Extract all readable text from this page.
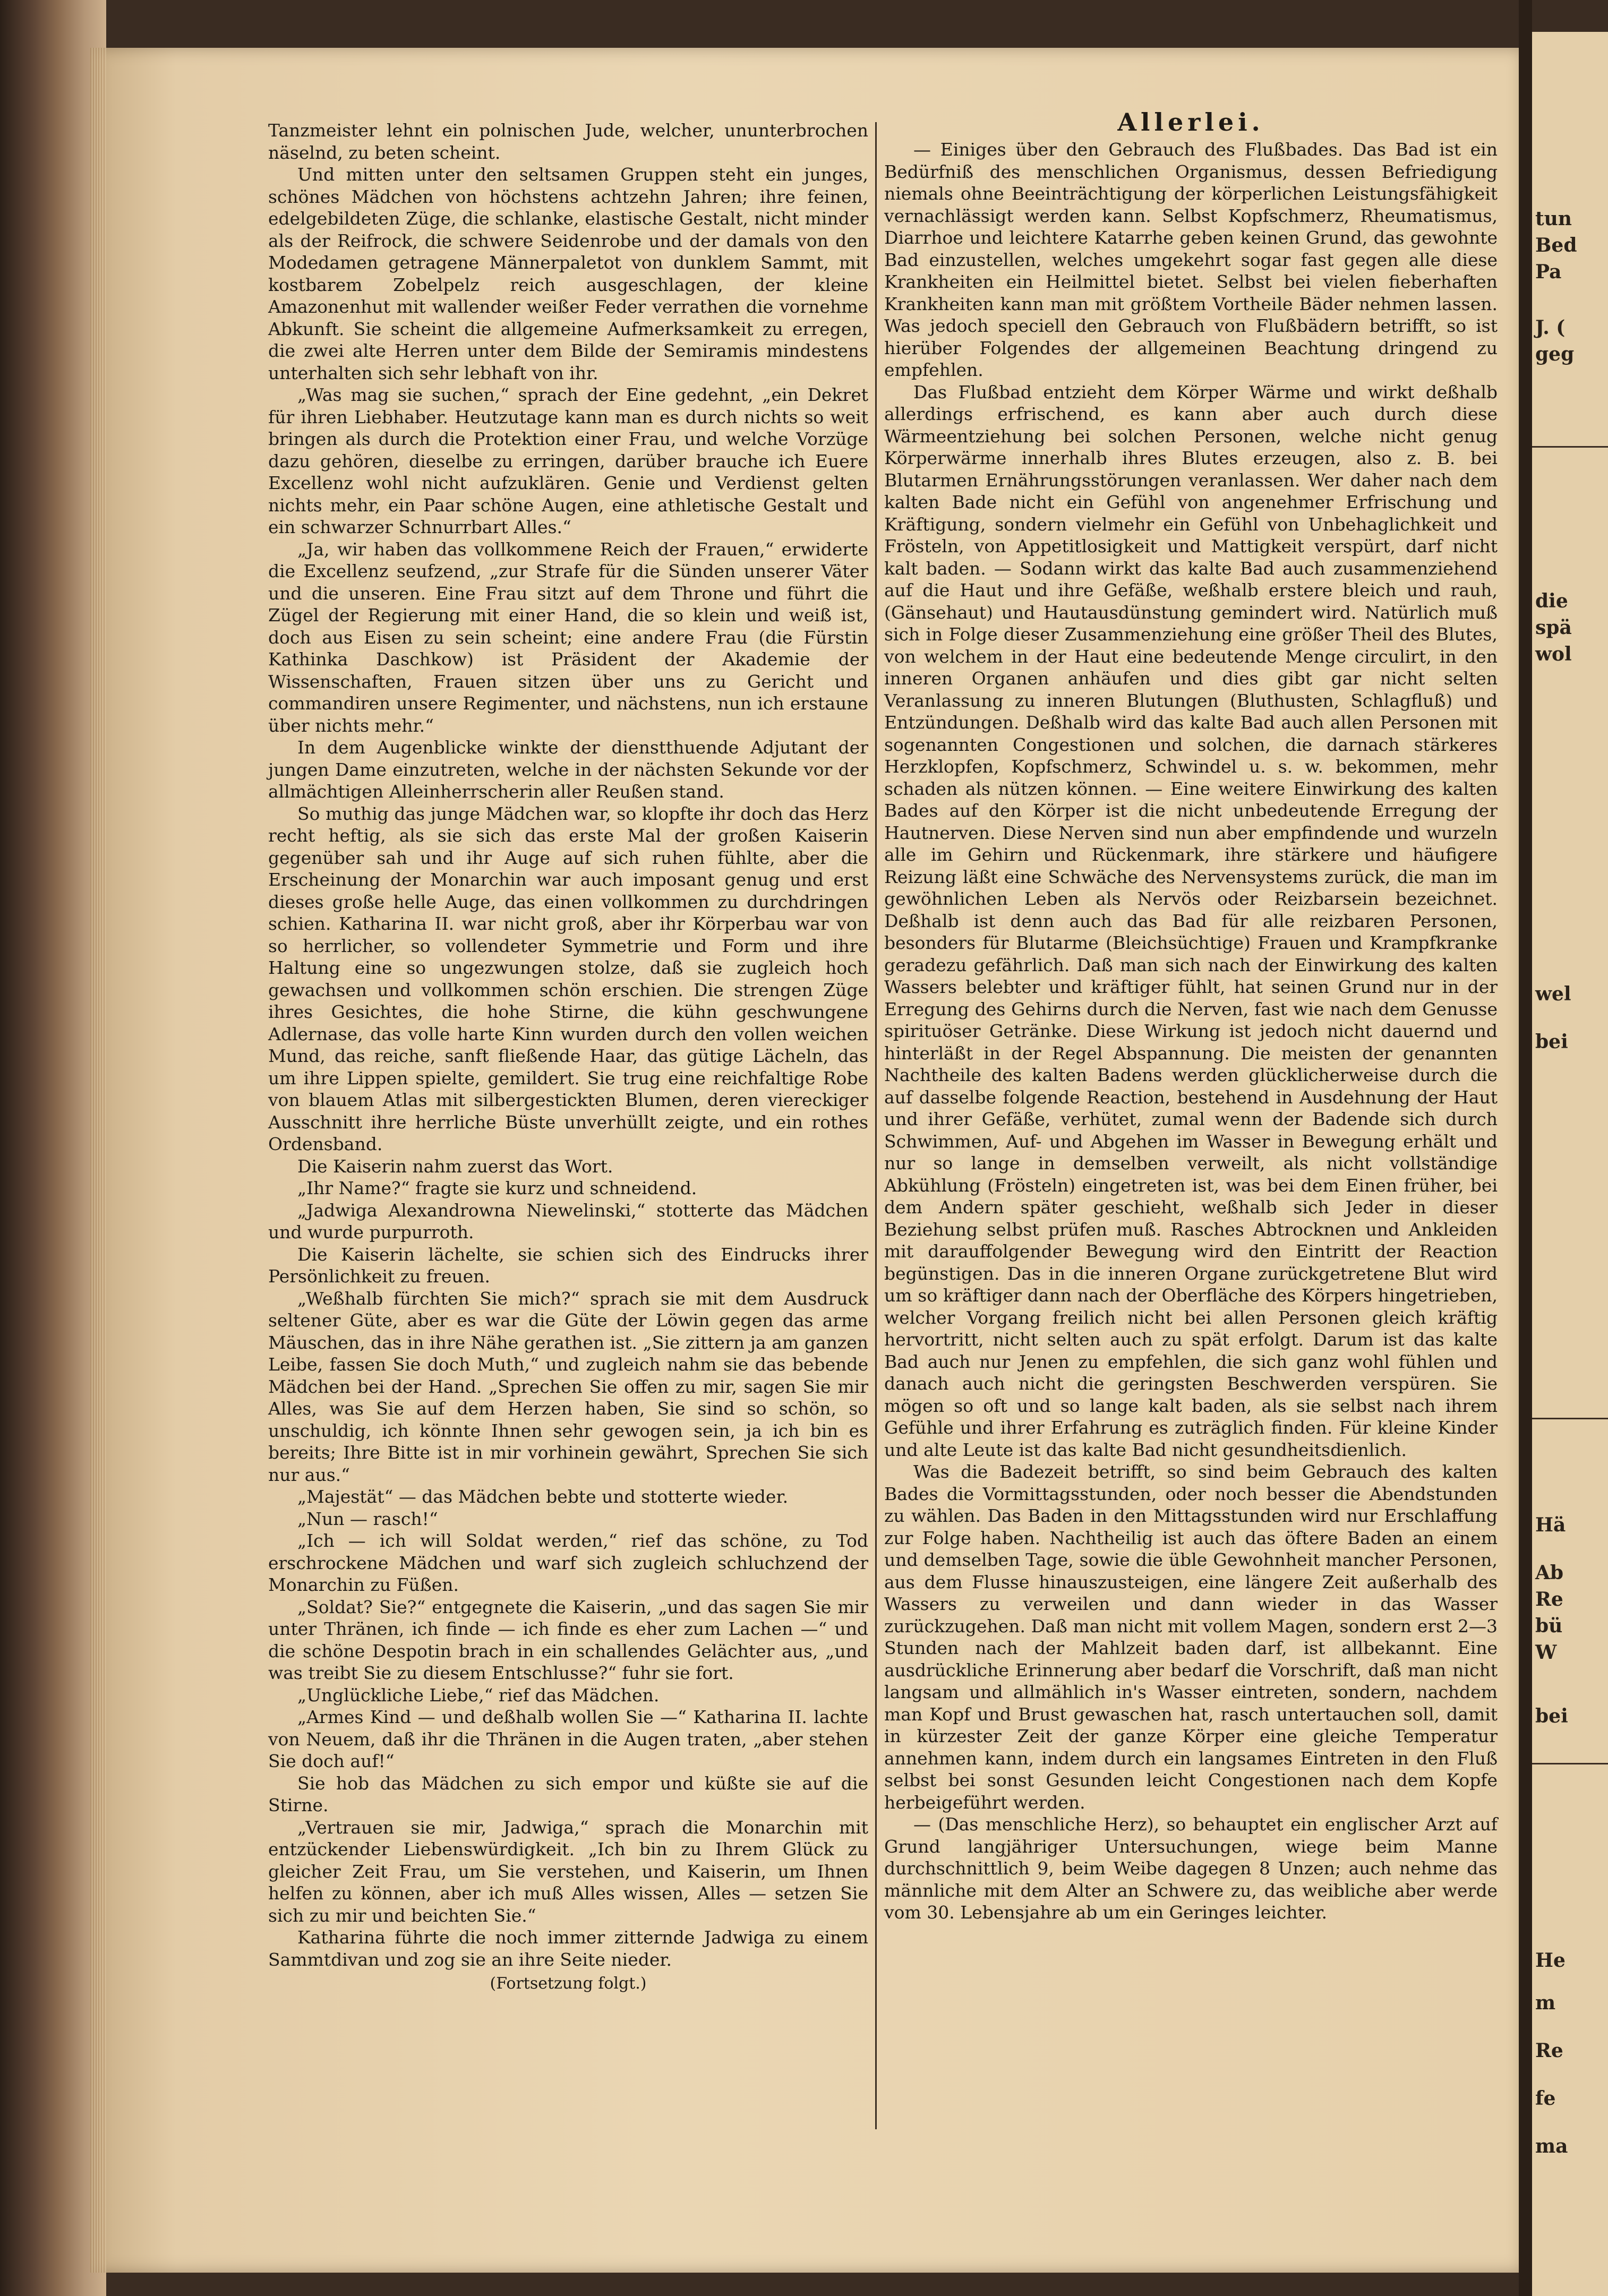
tun
Bed
Pa
J. (
geg
die
spä
wol
wel
bei
Hä
Ab
Re
bü
W
bei
He
m
Re
fe
ma

Tanzmeister lehnt ein polnischen Jude, welcher, ununterbrochen näselnd, zu beten scheint.

Und mitten unter den seltsamen Gruppen steht ein junges, schönes Mädchen von höchstens achtzehn Jahren; ihre feinen, edelgebildeten Züge, die schlanke, elastische Gestalt, nicht minder als der Reifrock, die schwere Seidenrobe und der damals von den Modedamen getragene Männerpaletot von dunklem Sammt, mit kostbarem Zobelpelz reich ausgeschlagen, der kleine Amazonenhut mit wallender weißer Feder verrathen die vornehme Abkunft. Sie scheint die allgemeine Aufmerksamkeit zu erregen, die zwei alte Herren unter dem Bilde der Semiramis mindestens unterhalten sich sehr lebhaft von ihr.

„Was mag sie suchen,“ sprach der Eine gedehnt, „ein Dekret für ihren Liebhaber. Heutzutage kann man es durch nichts so weit bringen als durch die Protektion einer Frau, und welche Vorzüge dazu gehören, dieselbe zu erringen, darüber brauche ich Euere Excellenz wohl nicht aufzuklären. Genie und Verdienst gelten nichts mehr, ein Paar schöne Augen, eine athletische Gestalt und ein schwarzer Schnurrbart Alles.“

„Ja, wir haben das vollkommene Reich der Frauen,“ erwiderte die Excellenz seufzend, „zur Strafe für die Sünden unserer Väter und die unseren. Eine Frau sitzt auf dem Throne und führt die Zügel der Regierung mit einer Hand, die so klein und weiß ist, doch aus Eisen zu sein scheint; eine andere Frau (die Fürstin Kathinka Daschkow) ist Präsident der Akademie der Wissenschaften, Frauen sitzen über uns zu Gericht und commandiren unsere Regimenter, und nächstens, nun ich erstaune über nichts mehr.“

In dem Augenblicke winkte der dienstthuende Adjutant der jungen Dame einzutreten, welche in der nächsten Sekunde vor der allmächtigen Alleinherrscherin aller Reußen stand.

So muthig das junge Mädchen war, so klopfte ihr doch das Herz recht heftig, als sie sich das erste Mal der großen Kaiserin gegenüber sah und ihr Auge auf sich ruhen fühlte, aber die Erscheinung der Monarchin war auch imposant genug und erst dieses große helle Auge, das einen vollkommen zu durchdringen schien. Katharina II. war nicht groß, aber ihr Körperbau war von so herrlicher, so vollendeter Symmetrie und Form und ihre Haltung eine so ungezwungen stolze, daß sie zugleich hoch gewachsen und vollkommen schön erschien. Die strengen Züge ihres Gesichtes, die hohe Stirne, die kühn geschwungene Adlernase, das volle harte Kinn wurden durch den vollen weichen Mund, das reiche, sanft fließende Haar, das gütige Lächeln, das um ihre Lippen spielte, gemildert. Sie trug eine reichfaltige Robe von blauem Atlas mit silbergestickten Blumen, deren viereckiger Ausschnitt ihre herrliche Büste unverhüllt zeigte, und ein rothes Ordensband.

Die Kaiserin nahm zuerst das Wort.

„Ihr Name?“ fragte sie kurz und schneidend.

„Jadwiga Alexandrowna Niewelinski,“ stotterte das Mädchen und wurde purpurroth.

Die Kaiserin lächelte, sie schien sich des Eindrucks ihrer Persönlichkeit zu freuen.

„Weßhalb fürchten Sie mich?“ sprach sie mit dem Ausdruck seltener Güte, aber es war die Güte der Löwin gegen das arme Mäuschen, das in ihre Nähe gerathen ist. „Sie zittern ja am ganzen Leibe, fassen Sie doch Muth,“ und zugleich nahm sie das bebende Mädchen bei der Hand. „Sprechen Sie offen zu mir, sagen Sie mir Alles, was Sie auf dem Herzen haben, Sie sind so schön, so unschuldig, ich könnte Ihnen sehr gewogen sein, ja ich bin es bereits; Ihre Bitte ist in mir vorhinein gewährt, Sprechen Sie sich nur aus.“

„Majestät“ — das Mädchen bebte und stotterte wieder.

„Nun — rasch!“

„Ich — ich will Soldat werden,“ rief das schöne, zu Tod erschrockene Mädchen und warf sich zugleich schluchzend der Monarchin zu Füßen.

„Soldat? Sie?“ entgegnete die Kaiserin, „und das sagen Sie mir unter Thränen, ich finde — ich finde es eher zum Lachen —“ und die schöne Despotin brach in ein schallendes Gelächter aus, „und was treibt Sie zu diesem Entschlusse?“ fuhr sie fort.

„Unglückliche Liebe,“ rief das Mädchen.

„Armes Kind — und deßhalb wollen Sie —“ Katharina II. lachte von Neuem, daß ihr die Thränen in die Augen traten, „aber stehen Sie doch auf!“

Sie hob das Mädchen zu sich empor und küßte sie auf die Stirne.

„Vertrauen sie mir, Jadwiga,“ sprach die Monarchin mit entzückender Liebenswürdigkeit. „Ich bin zu Ihrem Glück zu gleicher Zeit Frau, um Sie verstehen, und Kaiserin, um Ihnen helfen zu können, aber ich muß Alles wissen, Alles — setzen Sie sich zu mir und beichten Sie.“

Katharina führte die noch immer zitternde Jadwiga zu einem Sammtdivan und zog sie an ihre Seite nieder.

(Fortsetzung folgt.)
Allerlei.

— Einiges über den Gebrauch des Flußbades. Das Bad ist ein Bedürfniß des menschlichen Organismus, dessen Befriedigung niemals ohne Beeinträchtigung der körperlichen Leistungsfähigkeit vernachlässigt werden kann. Selbst Kopfschmerz, Rheumatismus, Diarrhoe und leichtere Katarrhe geben keinen Grund, das gewohnte Bad einzustellen, welches umgekehrt sogar fast gegen alle diese Krankheiten ein Heilmittel bietet. Selbst bei vielen fieberhaften Krankheiten kann man mit größtem Vortheile Bäder nehmen lassen. Was jedoch speciell den Gebrauch von Flußbädern betrifft, so ist hierüber Folgendes der allgemeinen Beachtung dringend zu empfehlen.

Das Flußbad entzieht dem Körper Wärme und wirkt deßhalb allerdings erfrischend, es kann aber auch durch diese Wärmeentziehung bei solchen Personen, welche nicht genug Körperwärme innerhalb ihres Blutes erzeugen, also z. B. bei Blutarmen Ernährungsstörungen veranlassen. Wer daher nach dem kalten Bade nicht ein Gefühl von angenehmer Erfrischung und Kräftigung, sondern vielmehr ein Gefühl von Unbehaglichkeit und Frösteln, von Appetitlosigkeit und Mattigkeit verspürt, darf nicht kalt baden. — Sodann wirkt das kalte Bad auch zusammenziehend auf die Haut und ihre Gefäße, weßhalb erstere bleich und rauh, (Gänsehaut) und Hautausdünstung gemindert wird. Natürlich muß sich in Folge dieser Zusammenziehung eine größer Theil des Blutes, von welchem in der Haut eine bedeutende Menge circulirt, in den inneren Organen anhäufen und dies gibt gar nicht selten Veranlassung zu inneren Blutungen (Bluthusten, Schlagfluß) und Entzündungen. Deßhalb wird das kalte Bad auch allen Personen mit sogenannten Congestionen und solchen, die darnach stärkeres Herzklopfen, Kopfschmerz, Schwindel u. s. w. bekommen, mehr schaden als nützen können. — Eine weitere Einwirkung des kalten Bades auf den Körper ist die nicht unbedeutende Erregung der Hautnerven. Diese Nerven sind nun aber empfindende und wurzeln alle im Gehirn und Rückenmark, ihre stärkere und häufigere Reizung läßt eine Schwäche des Nervensystems zurück, die man im gewöhnlichen Leben als Nervös oder Reizbarsein bezeichnet. Deßhalb ist denn auch das Bad für alle reizbaren Personen, besonders für Blutarme (Bleichsüchtige) Frauen und Krampfkranke geradezu gefährlich. Daß man sich nach der Einwirkung des kalten Wassers belebter und kräftiger fühlt, hat seinen Grund nur in der Erregung des Gehirns durch die Nerven, fast wie nach dem Genusse spirituöser Getränke. Diese Wirkung ist jedoch nicht dauernd und hinterläßt in der Regel Abspannung. Die meisten der genannten Nachtheile des kalten Badens werden glücklicherweise durch die auf dasselbe folgende Reaction, bestehend in Ausdehnung der Haut und ihrer Gefäße, verhütet, zumal wenn der Badende sich durch Schwimmen, Auf- und Abgehen im Wasser in Bewegung erhält und nur so lange in demselben verweilt, als nicht vollständige Abkühlung (Frösteln) eingetreten ist, was bei dem Einen früher, bei dem Andern später geschieht, weßhalb sich Jeder in dieser Beziehung selbst prüfen muß. Rasches Abtrocknen und Ankleiden mit darauffolgender Bewegung wird den Eintritt der Reaction begünstigen. Das in die inneren Organe zurückgetretene Blut wird um so kräftiger dann nach der Oberfläche des Körpers hingetrieben, welcher Vorgang freilich nicht bei allen Personen gleich kräftig hervortritt, nicht selten auch zu spät erfolgt. Darum ist das kalte Bad auch nur Jenen zu empfehlen, die sich ganz wohl fühlen und danach auch nicht die geringsten Beschwerden verspüren. Sie mögen so oft und so lange kalt baden, als sie selbst nach ihrem Gefühle und ihrer Erfahrung es zuträglich finden. Für kleine Kinder und alte Leute ist das kalte Bad nicht gesundheitsdienlich.

Was die Badezeit betrifft, so sind beim Gebrauch des kalten Bades die Vormittagsstunden, oder noch besser die Abendstunden zu wählen. Das Baden in den Mittagsstunden wird nur Erschlaffung zur Folge haben. Nachtheilig ist auch das öftere Baden an einem und demselben Tage, sowie die üble Gewohnheit mancher Personen, aus dem Flusse hinauszusteigen, eine längere Zeit außerhalb des Wassers zu verweilen und dann wieder in das Wasser zurückzugehen. Daß man nicht mit vollem Magen, sondern erst 2—3 Stunden nach der Mahlzeit baden darf, ist allbekannt. Eine ausdrückliche Erinnerung aber bedarf die Vorschrift, daß man nicht langsam und allmählich in's Wasser eintreten, sondern, nachdem man Kopf und Brust gewaschen hat, rasch untertauchen soll, damit in kürzester Zeit der ganze Körper eine gleiche Temperatur annehmen kann, indem durch ein langsames Eintreten in den Fluß selbst bei sonst Gesunden leicht Congestionen nach dem Kopfe herbeigeführt werden.

— (Das menschliche Herz), so behauptet ein englischer Arzt auf Grund langjähriger Untersuchungen, wiege beim Manne durchschnittlich 9, beim Weibe dagegen 8 Unzen; auch nehme das männliche mit dem Alter an Schwere zu, das weibliche aber werde vom 30. Lebensjahre ab um ein Geringes leichter.
